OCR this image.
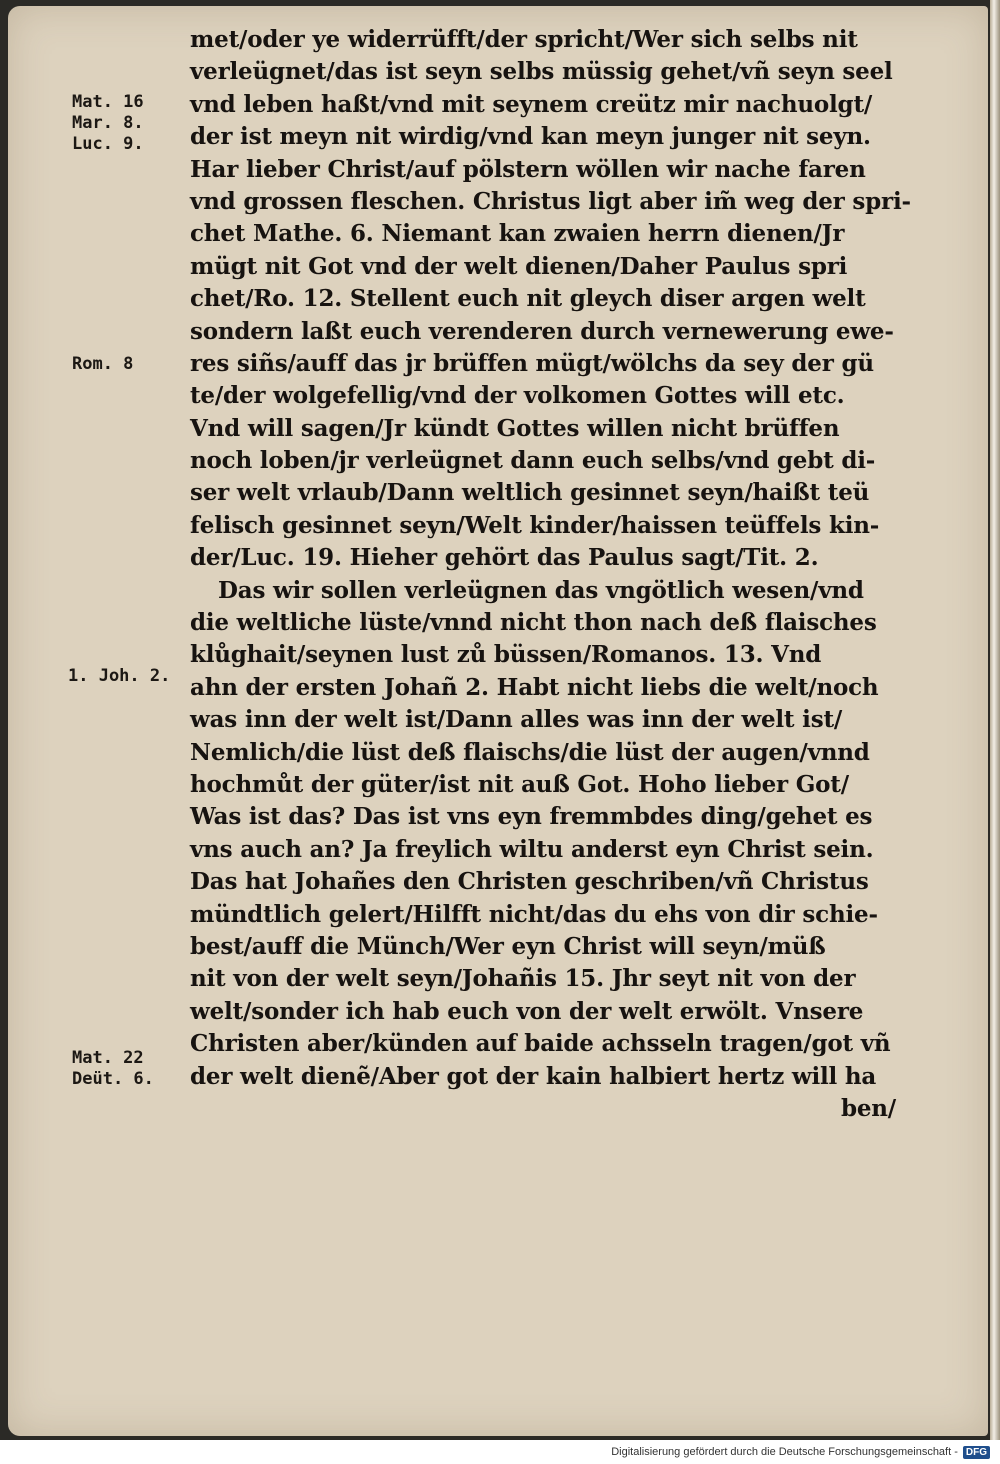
met/oder ye widerrüfft/der spricht/Wer sich selbs nit
verleügnet/das ist seyn selbs müssig gehet/vñ seyn seel
vnd leben haßt/vnd mit seynem creütz mir nachuolgt/
der ist meyn nit wirdig/vnd kan meyn junger nit seyn.
Har lieber Christ/auf pölstern wöllen wir nache faren
vnd grossen fleschen. Christus ligt aber im̃ weg der spri-
chet Mathe. 6. Niemant kan zwaien herrn dienen/Jr
mügt nit Got vnd der welt dienen/Daher Paulus spri
chet/Ro. 12. Stellent euch nit gleych diser argen welt
sondern laßt euch verenderen durch vernewerung ewe-
res siñs/auff das jr brüffen mügt/wölchs da sey der gü
te/der wolgefellig/vnd der volkomen Gottes will etc.
Vnd will sagen/Jr kündt Gottes willen nicht brüffen
noch loben/jr verleügnet dann euch selbs/vnd gebt di-
ser welt vrlaub/Dann weltlich gesinnet seyn/haißt teü
felisch gesinnet seyn/Welt kinder/haissen teüffels kin-
der/Luc. 19. Hieher gehört das Paulus sagt/Tit. 2.
Das wir sollen verleügnen das vngötlich wesen/vnd
die weltliche lüste/vnnd nicht thon nach deß flaisches
klůghait/seynen lust zů büssen/Romanos. 13. Vnd
ahn der ersten Johañ 2. Habt nicht liebs die welt/noch
was inn der welt ist/Dann alles was inn der welt ist/
Nemlich/die lüst deß flaischs/die lüst der augen/vnnd
hochmůt der güter/ist nit auß Got. Hoho lieber Got/
Was ist das? Das ist vns eyn fremmbdes ding/gehet es
vns auch an? Ja freylich wiltu anderst eyn Christ sein.
Das hat Johañes den Christen geschriben/vñ Christus
mündtlich gelert/Hilfft nicht/das du ehs von dir schie-
best/auff die Münch/Wer eyn Christ will seyn/müß
nit von der welt seyn/Johañis 15. Jhr seyt nit von der
welt/sonder ich hab euch von der welt erwölt. Vnsere
Christen aber/künden auf baide achsseln tragen/got vñ
der welt dienẽ/Aber got der kain halbiert hertz will ha
ben/
Mat. 16
Mar. 8.
Luc. 9.
Rom. 8
1. Joh. 2.
Mat. 22
Deüt. 6.
Digitalisierung gefördert durch die Deutsche Forschungsgemeinschaft - DFG
